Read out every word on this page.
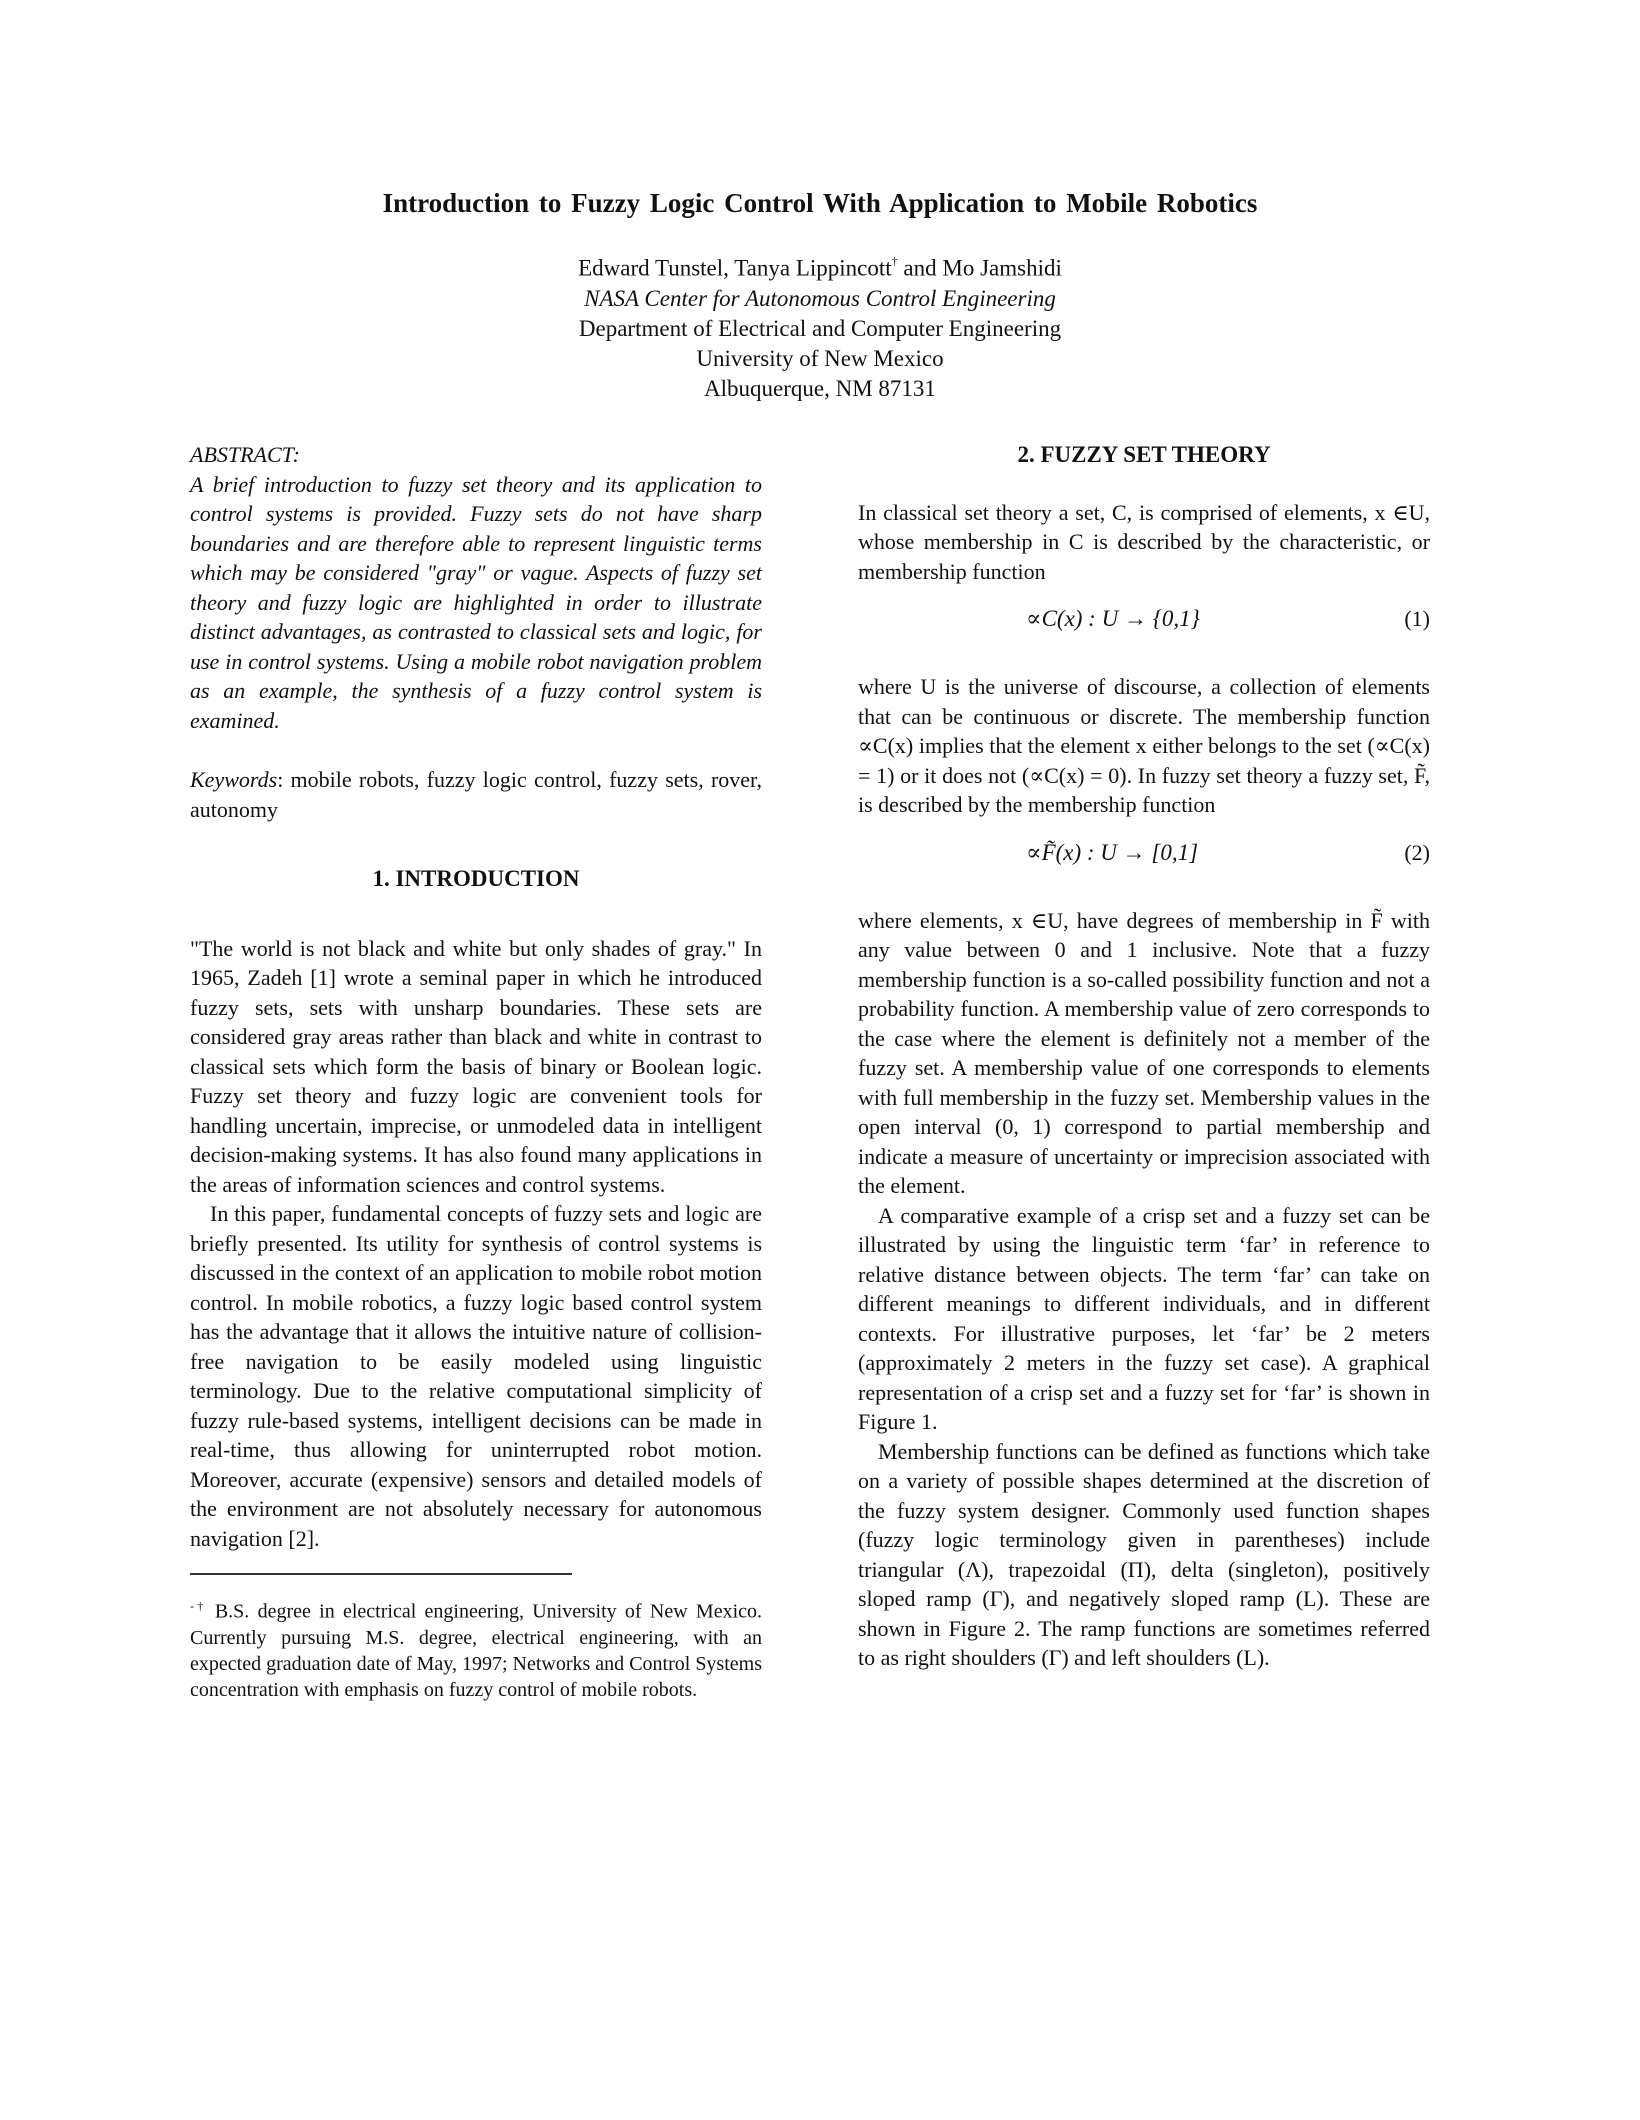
Introduction to Fuzzy Logic Control With Application to Mobile Robotics
Edward Tunstel, Tanya Lippincott† and Mo Jamshidi
NASA Center for Autonomous Control Engineering
Department of Electrical and Computer Engineering
University of New Mexico
Albuquerque, NM 87131

ABSTRACT:

A brief introduction to fuzzy set theory and its application to control systems is provided. Fuzzy sets do not have sharp boundaries and are therefore able to represent linguistic terms which may be considered "gray" or vague. Aspects of fuzzy set theory and fuzzy logic are highlighted in order to illustrate distinct advantages, as contrasted to classical sets and logic, for use in control systems. Using a mobile robot navigation problem as an example, the synthesis of a fuzzy control system is examined.

Keywords: mobile robots, fuzzy logic control, fuzzy sets, rover, autonomy

1. INTRODUCTION

"The world is not black and white but only shades of gray." In 1965, Zadeh [1] wrote a seminal paper in which he introduced fuzzy sets, sets with unsharp boundaries. These sets are considered gray areas rather than black and white in contrast to classical sets which form the basis of binary or Boolean logic. Fuzzy set theory and fuzzy logic are convenient tools for handling uncertain, imprecise, or unmodeled data in intelligent decision-making systems. It has also found many applications in the areas of information sciences and control systems.

In this paper, fundamental concepts of fuzzy sets and logic are briefly presented. Its utility for synthesis of control systems is discussed in the context of an application to mobile robot motion control. In mobile robotics, a fuzzy logic based control system has the advantage that it allows the intuitive nature of collision-free navigation to be easily modeled using linguistic terminology. Due to the relative computational simplicity of fuzzy rule-based systems, intelligent decisions can be made in real-time, thus allowing for uninterrupted robot motion. Moreover, accurate (expensive) sensors and detailed models of the environment are not absolutely necessary for autonomous navigation [2].

-† B.S. degree in electrical engineering, University of New Mexico. Currently pursuing M.S. degree, electrical engineering, with an expected graduation date of May, 1997; Networks and Control Systems concentration with emphasis on fuzzy control of mobile robots.

2. FUZZY SET THEORY

In classical set theory a set, C, is comprised of elements, x ∈U, whose membership in C is described by the characteristic, or membership function

∝C(x) : U → {0,1}	(1)

where U is the universe of discourse, a collection of elements that can be continuous or discrete. The membership function ∝C(x) implies that the element x either belongs to the set (∝C(x) = 1) or it does not (∝C(x) = 0). In fuzzy set theory a fuzzy set, F̃, is described by the membership function

∝F̃(x) : U → [0,1]	(2)

where elements, x ∈U, have degrees of membership in F̃ with any value between 0 and 1 inclusive. Note that a fuzzy membership function is a so-called possibility function and not a probability function. A membership value of zero corresponds to the case where the element is definitely not a member of the fuzzy set. A membership value of one corresponds to elements with full membership in the fuzzy set. Membership values in the open interval (0, 1) correspond to partial membership and indicate a measure of uncertainty or imprecision associated with the element.

A comparative example of a crisp set and a fuzzy set can be illustrated by using the linguistic term ‘far’ in reference to relative distance between objects. The term ‘far’ can take on different meanings to different individuals, and in different contexts. For illustrative purposes, let ‘far’ be 2 meters (approximately 2 meters in the fuzzy set case). A graphical representation of a crisp set and a fuzzy set for ‘far’ is shown in Figure 1.

Membership functions can be defined as functions which take on a variety of possible shapes determined at the discretion of the fuzzy system designer. Commonly used function shapes (fuzzy logic terminology given in parentheses) include triangular (Λ), trapezoidal (Π), delta (singleton), positively sloped ramp (Γ), and negatively sloped ramp (L). These are shown in Figure 2. The ramp functions are sometimes referred to as right shoulders (Γ) and left shoulders (L).
